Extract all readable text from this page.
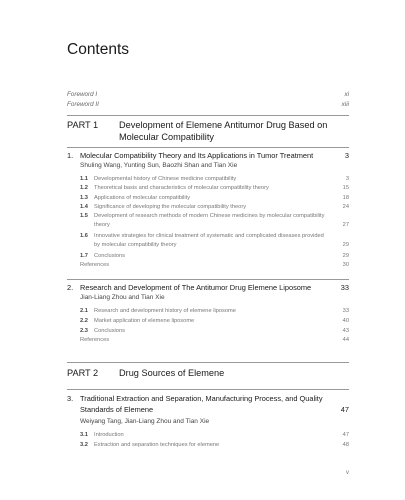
Contents
Foreword I	xi
Foreword II	xiii
PART 1	Development of Elemene Antitumor Drug Based on Molecular Compatibility
1. Molecular Compatibility Theory and Its Applications in Tumor Treatment	3
Shuling Wang, Yunting Sun, Baozhi Shan and Tian Xie
1.1	Developmental history of Chinese medicine compatibility	3
1.2	Theoretical basis and characteristics of molecular compatibility theory	15
1.3	Applications of molecular compatibility	18
1.4	Significance of developing the molecular compatibility theory	24
1.5	Development of research methods of modern Chinese medicines by molecular compatibility theory	27
1.6	Innovative strategies for clinical treatment of systematic and complicated diseases provided by molecular compatibility theory	29
1.7	Conclusions	29
References	30
2. Research and Development of The Antitumor Drug Elemene Liposome	33
Jian-Liang Zhou and Tian Xie
2.1	Research and development history of elemene liposome	33
2.2	Market application of elemene liposome	40
2.3	Conclusions	43
References	44
PART 2	Drug Sources of Elemene
3. Traditional Extraction and Separation, Manufacturing Process, and Quality Standards of Elemene	47
Weiyang Tang, Jian-Liang Zhou and Tian Xie
3.1	Introduction	47
3.2	Extraction and separation techniques for elemene	48
v
